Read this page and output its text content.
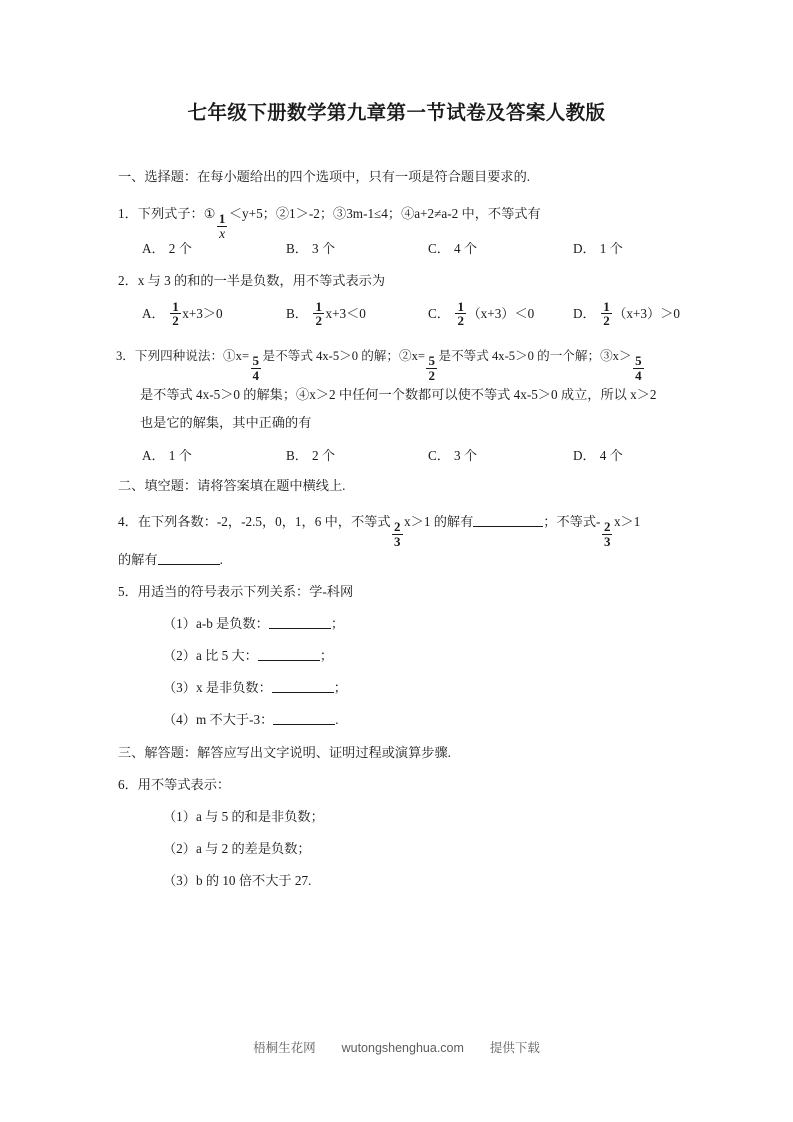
七年级下册数学第九章第一节试卷及答案人教版
一、选择题：在每小题给出的四个选项中，只有一项是符合题目要求的.
1．下列式子：① $\frac{1}{x} <y+5$；②1＞-2；③3m-1≤4；④a+2≠a-2 中，不等式有
A． 2 个	B． 3 个	C． 4 个	D． 1 个
2．x 与 3 的和的一半是负数，用不等式表示为
A． $\frac{1}{2} x+3>0$	B． $\frac{1}{2} x+3<0$	C． $\frac{1}{2} (x+3)<0$	D． $\frac{1}{2} (x+3)>0$
3．下列四种说法：①x= $\frac{5}{4}$ 是不等式 4x-5＞0 的解；②x= $\frac{5}{2}$ 是不等式 4x-5＞0 的一个解；③x＞ $\frac{5}{4}$
是不等式 4x-5＞0 的解集；④x＞2 中任何一个数都可以使不等式 4x-5＞0 成立，所以 x＞2
也是它的解集，其中正确的有
A． 1 个	B． 2 个	C． 3 个	D． 4 个
二、填空题：请将答案填在题中横线上.
4．在下列各数：-2，-2.5，0，1，6 中，不等式 $\frac{2}{3} x>1$ 的解有	；不等式- $\frac{2}{3} x>1$
的解有	.
5．用适当的符号表示下列关系：学-科网
（1）a-b 是负数：	；
（2）a 比 5 大：	；
（3）x 是非负数：	；
（4）m 不大于-3：	.
三、解答题：解答应写出文字说明、证明过程或演算步骤.
6．用不等式表示：
（1）a 与 5 的和是非负数；
（2）a 与 2 的差是负数；
（3）b 的 10 倍不大于 27.
梧桐生花网 wutongshenghua.com 提供下载
